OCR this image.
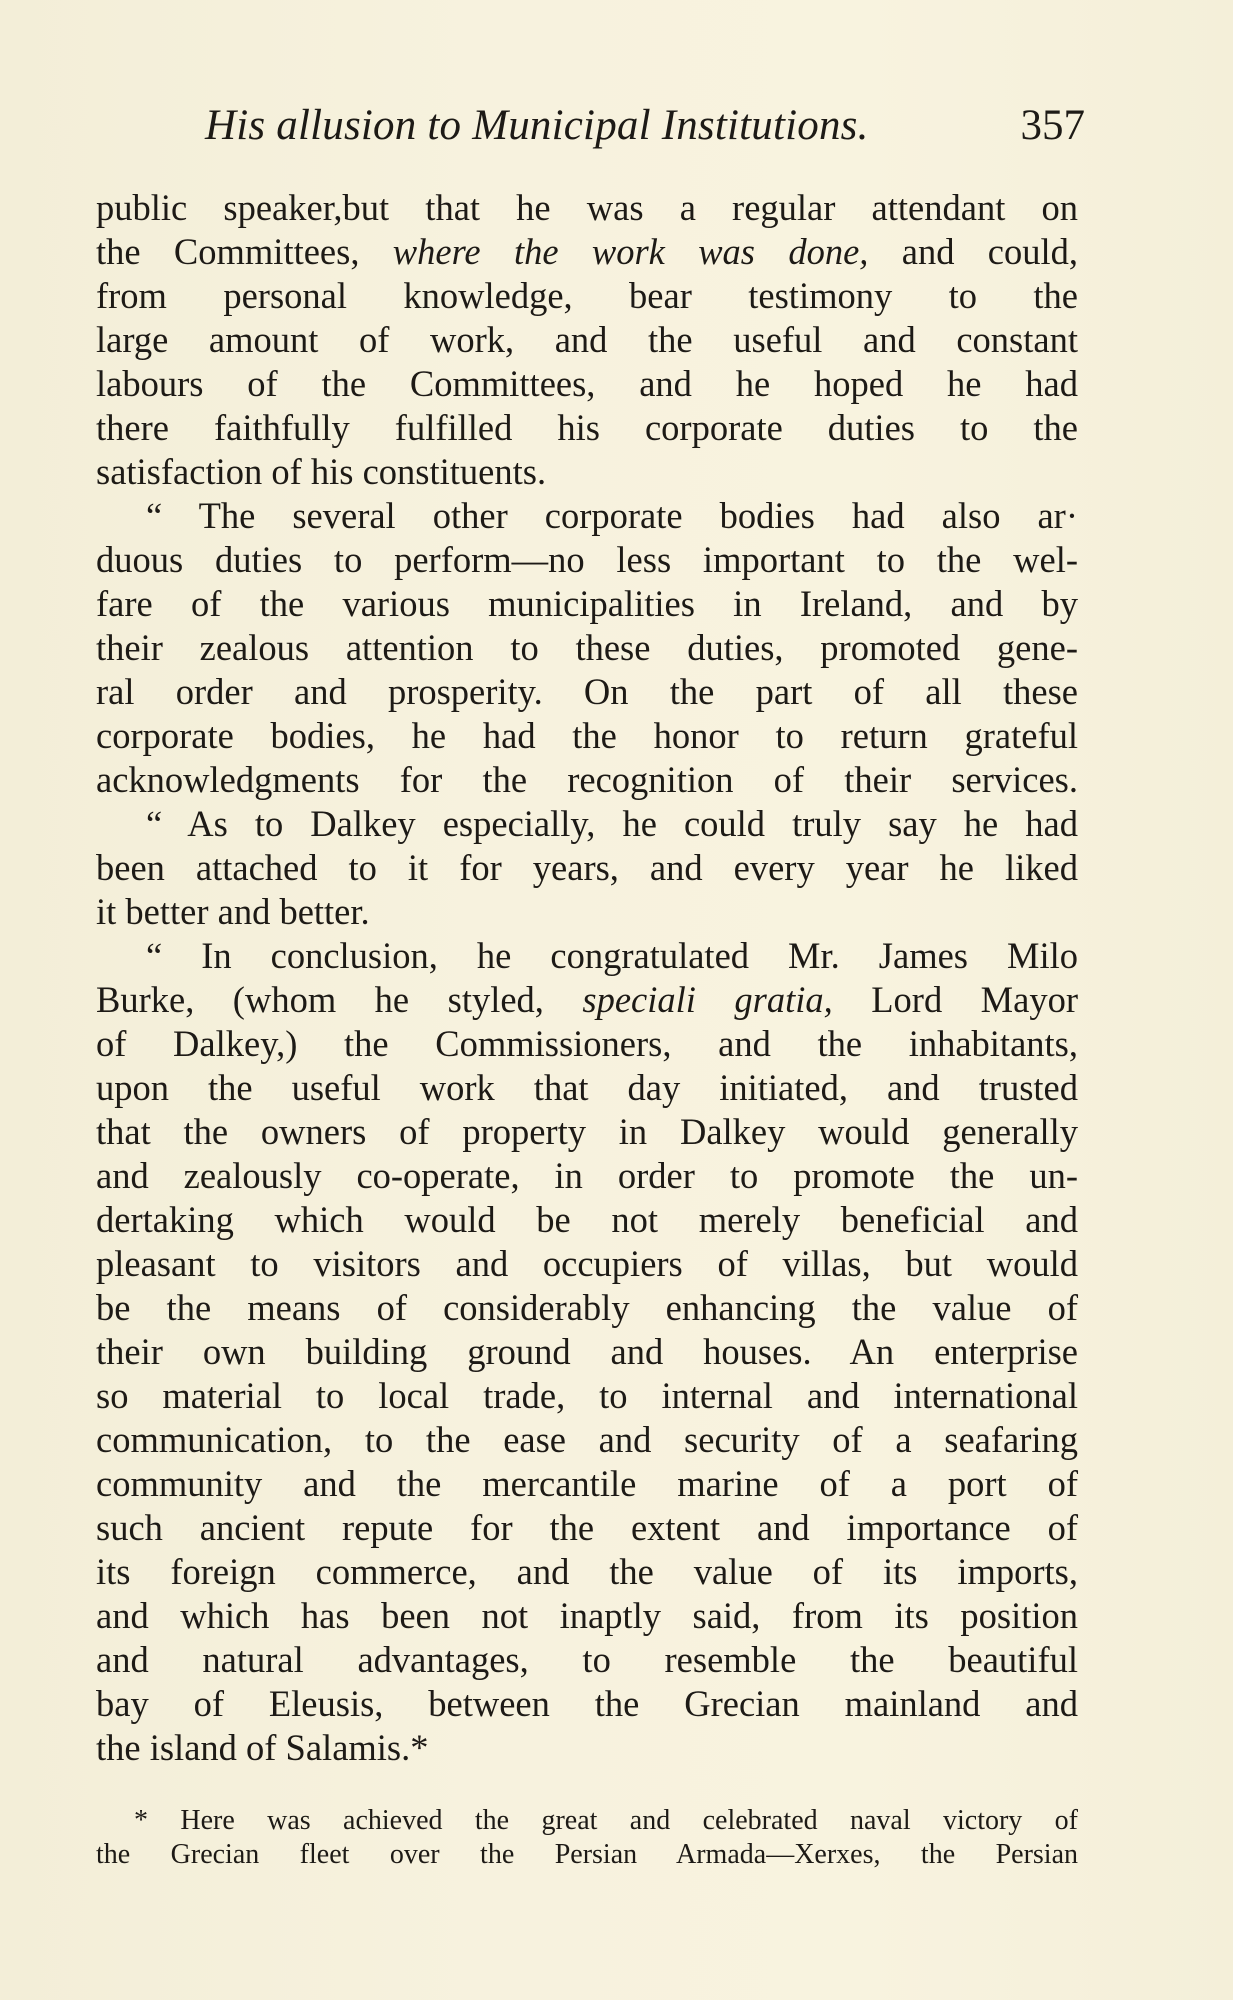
His allusion to Municipal Institutions.	357
public speaker,but that he was a regular attendant on
the Committees, where the work was done, and could,
from personal knowledge, bear testimony to the
large amount of work, and the useful and constant
labours of the Committees, and he hoped he had
there faithfully fulfilled his corporate duties to the
satisfaction of his constituents.
“ The several other corporate bodies had also ar·
duous duties to perform—no less important to the wel-
fare of the various municipalities in Ireland, and by
their zealous attention to these duties, promoted gene-
ral order and prosperity. On the part of all these
corporate bodies, he had the honor to return grateful
acknowledgments for the recognition of their services.
“ As to Dalkey especially, he could truly say he had
been attached to it for years, and every year he liked
it better and better.
“ In conclusion, he congratulated Mr. James Milo
Burke, (whom he styled, speciali gratia, Lord Mayor
of Dalkey,) the Commissioners, and the inhabitants,
upon the useful work that day initiated, and trusted
that the owners of property in Dalkey would generally
and zealously co-operate, in order to promote the un-
dertaking which would be not merely beneficial and
pleasant to visitors and occupiers of villas, but would
be the means of considerably enhancing the value of
their own building ground and houses. An enterprise
so material to local trade, to internal and international
communication, to the ease and security of a seafaring
community and the mercantile marine of a port of
such ancient repute for the extent and importance of
its foreign commerce, and the value of its imports,
and which has been not inaptly said, from its position
and natural advantages, to resemble the beautiful
bay of Eleusis, between the Grecian mainland and
the island of Salamis.*
* Here was achieved the great and celebrated naval victory of
the Grecian fleet over the Persian Armada—Xerxes, the Persian
